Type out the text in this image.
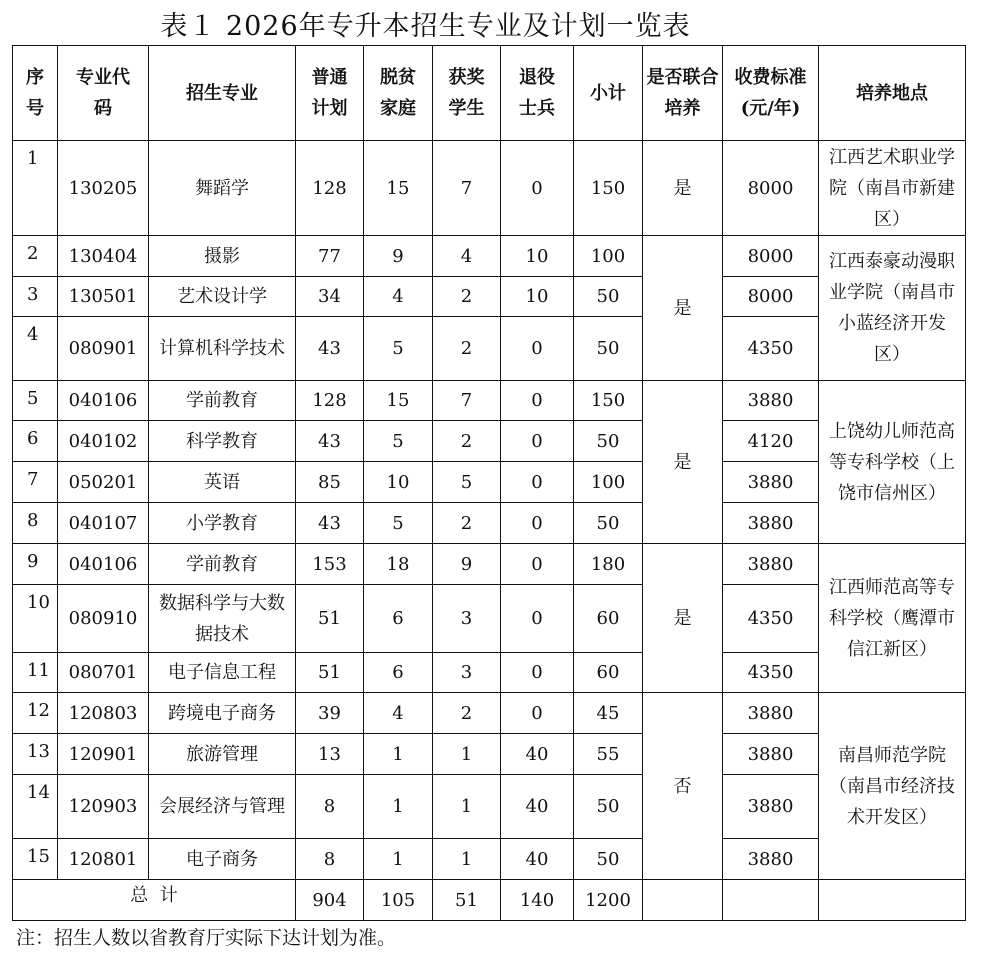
表１ 2026年专升本招生专业及计划一览表
序号	专业代码	招生专业	普通计划	脱贫家庭	获奖学生	退役士兵	小计	是否联合培养	收费标准(元/年)	培养地点
1	130205	舞蹈学	128	15	7	0	150	是	8000	江西艺术职业学院（南昌市新建区）
2	130404	摄影	77	9	4	10	100	是	8000	江西泰豪动漫职业学院（南昌市小蓝经济开发区）
3	130501	艺术设计学	34	4	2	10	50		8000	
4	080901	计算机科学技术	43	5	2	0	50		4350	
5	040106	学前教育	128	15	7	0	150	是	3880	上饶幼儿师范高等专科学校（上饶市信州区）
6	040102	科学教育	43	5	2	0	50		4120	
7	050201	英语	85	10	5	0	100		3880	
8	040107	小学教育	43	5	2	0	50		3880	
9	040106	学前教育	153	18	9	0	180	是	3880	江西师范高等专科学校（鹰潭市信江新区）
10	080910	数据科学与大数据技术	51	6	3	0	60		4350	
11	080701	电子信息工程	51	6	3	0	60		4350	
12	120803	跨境电子商务	39	4	2	0	45	否	3880	南昌师范学院（南昌市经济技术开发区）
13	120901	旅游管理	13	1	1	40	55		3880	
14	120903	会展经济与管理	8	1	1	40	50		3880	
15	120801	电子商务	8	1	1	40	50		3880	
总  计			904	105	51	140	1200			
注：招生人数以省教育厅实际下达计划为准。
